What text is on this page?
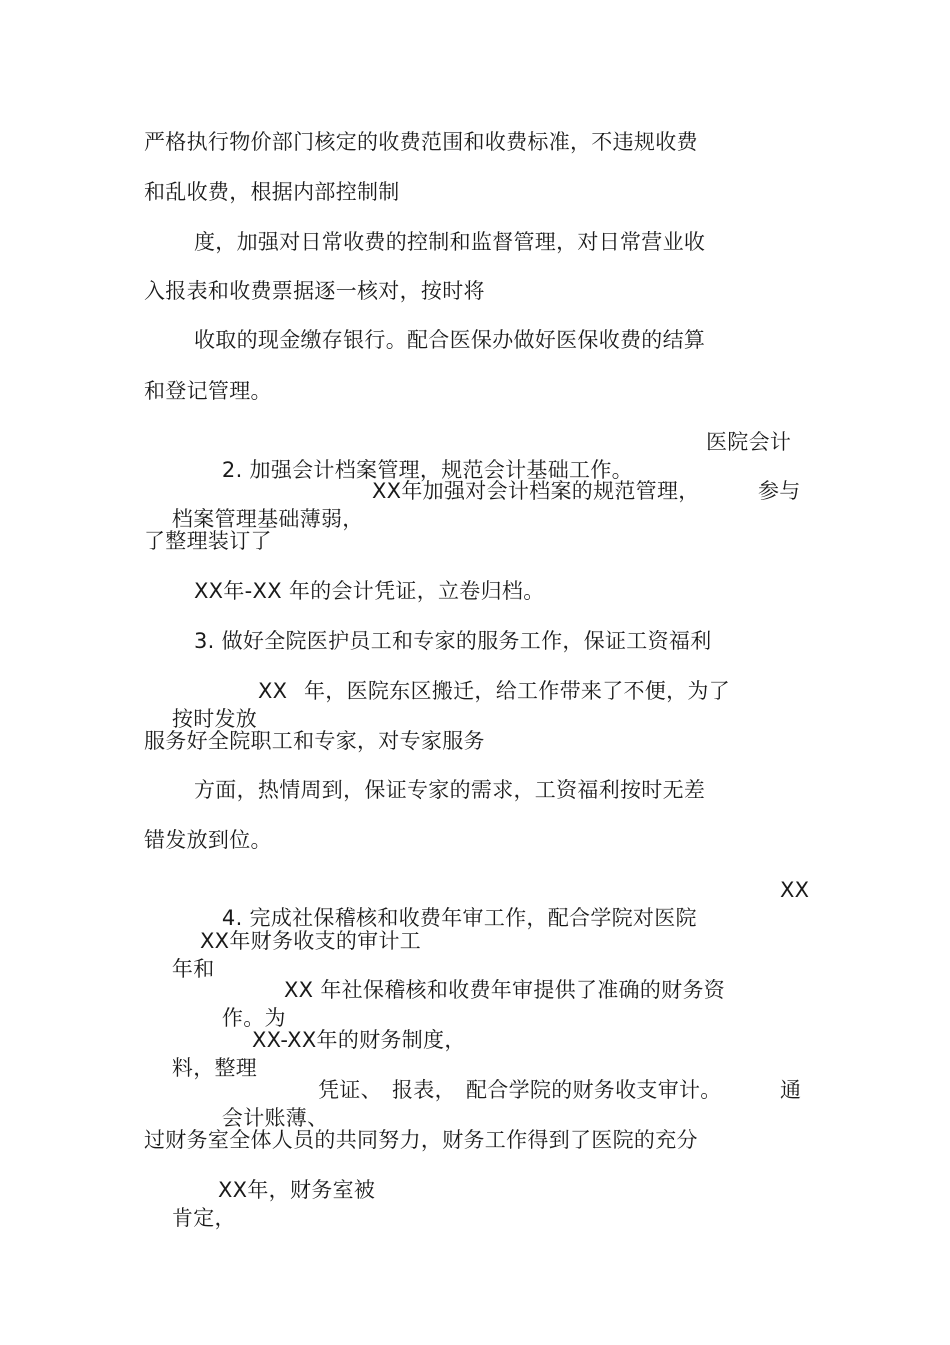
严格执行物价部门核定的收费范围和收费标准，不违规收费
和乱收费，根据内部控制制
度，加强对日常收费的控制和监督管理，对日常营业收
入报表和收费票据逐一核对，按时将
收取的现金缴存银行。配合医保办做好医保收费的结算
和登记管理。

2. 加强会计档案管理，规范会计基础工作。

医院会计

档案管理基础薄弱，

XX年加强对会计档案的规范管理，

	参与

了整理装订了
XX年-XX 年的会计凭证，立卷归档。
3. 做好全院医护员工和专家的服务工作，保证工资福利

按时发放

XX

年，医院东区搬迁，给工作带来了不便，为了

服务好全院职工和专家，对专家服务
方面，热情周到，保证专家的需求，工资福利按时无差
错发放到位。

4. 完成社保稽核和收费年审工作，配合学院对医院

XX

年和

XX年财务收支的审计工

作。为

XX 年社保稽核和收费年审提供了准确的财务资

料，整理

XX-XX年的财务制度，

会计账薄、

凭证、

报表，

配合学院的财务收支审计。

	通

过财务室全体人员的共同努力，财务工作得到了医院的充分

肯定，

XX年，财务室被
